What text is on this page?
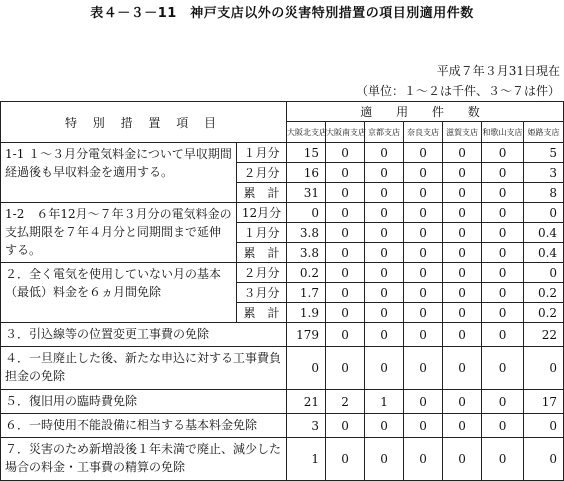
表４－３－11　神戸支店以外の災害特別措置の項目別適用件数
平成７年３月31日現在
（単位：１～２は千件、３～７は件）
特 別 措 置 項 目		適 用 件 数						
		大阪北支店	大阪南支店	京都支店	奈良支店	滋賀支店	和歌山支店	姫路支店
1-1 １～３月分電気料金について早収期間経過後も早収料金を適用する。	１月分	15	0	0	0	0	0	5
	２月分	16	0	0	0	0	0	3
	累　計	31	0	0	0	0	0	8
1-2　６年12月～７年３月分の電気料金の支払期限を７年４月分と同期間まで延伸する。	12月分	0	0	0	0	0	0	0
	１月分	3.8	0	0	0	0	0	0.4
	累　計	3.8	0	0	0	0	0	0.4
２．全く電気を使用していない月の基本（最低）料金を６ヵ月間免除	２月分	0.2	0	0	0	0	0	0
	３月分	1.7	0	0	0	0	0	0.2
	累　計	1.9	0	0	0	0	0	0.2
３．引込線等の位置変更工事費の免除		179	0	0	0	0	0	22
４．一旦廃止した後、新たな申込に対する工事費負担金の免除		0	0	0	0	0	0	0
５．復旧用の臨時費免除		21	2	1	0	0	0	17
６．一時使用不能設備に相当する基本料金免除		3	0	0	0	0	0	0
７．災害のため新増設後１年未満で廃止、減少した場合の料金・工事費の精算の免除		1	0	0	0	0	0	0
